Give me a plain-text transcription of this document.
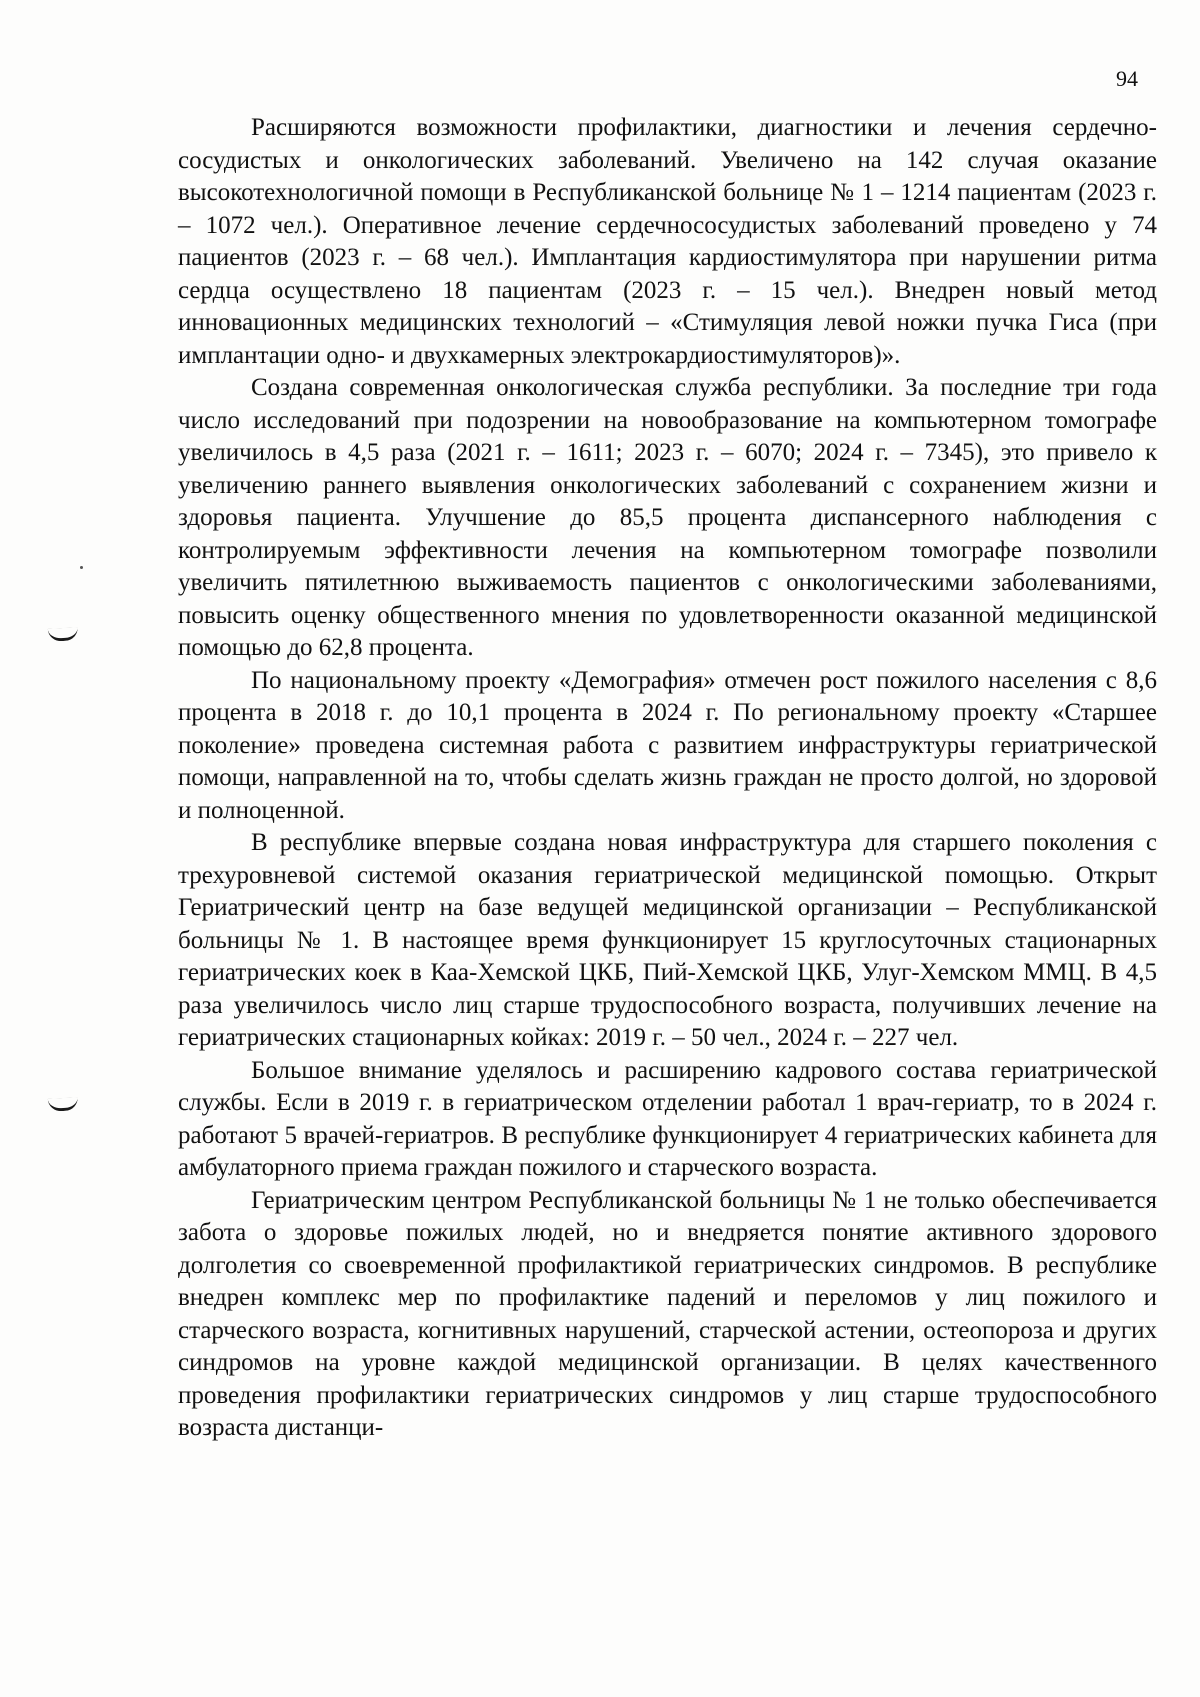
94

Расширяются возможности профилактики, диагностики и лечения сердечно-сосудистых и онкологических заболеваний. Увеличено на 142 случая оказание высокотехнологичной помощи в Республиканской больнице № 1 – 1214 пациентам (2023 г. – 1072 чел.). Оперативное лечение сердечнососудистых заболеваний проведено у 74 пациентов (2023 г. – 68 чел.). Имплантация кардиостимулятора при нарушении ритма сердца осуществлено 18 пациентам (2023 г. – 15 чел.). Внедрен новый метод инновационных медицинских технологий – «Стимуляция левой ножки пучка Гиса (при имплантации одно- и двухкамерных электрокардиостимуляторов)».

Создана современная онкологическая служба республики. За последние три года число исследований при подозрении на новообразование на компьютерном томографе увеличилось в 4,5 раза (2021 г. – 1611; 2023 г. – 6070; 2024 г. – 7345), это привело к увеличению раннего выявления онкологических заболеваний с сохранением жизни и здоровья пациента. Улучшение до 85,5 процента диспансерного наблюдения с контролируемым эффективности лечения на компьютерном томографе позволили увеличить пятилетнюю выживаемость пациентов с онкологическими заболеваниями, повысить оценку общественного мнения по удовлетворенности оказанной медицинской помощью до 62,8 процента.

По национальному проекту «Демография» отмечен рост пожилого населения с 8,6 процента в 2018 г. до 10,1 процента в 2024 г. По региональному проекту «Старшее поколение» проведена системная работа с развитием инфраструктуры гериатрической помощи, направленной на то, чтобы сделать жизнь граждан не просто долгой, но здоровой и полноценной.

В республике впервые создана новая инфраструктура для старшего поколения с трехуровневой системой оказания гериатрической медицинской помощью. Открыт Гериатрический центр на базе ведущей медицинской организации – Республиканской больницы № 1. В настоящее время функционирует 15 круглосуточных стационарных гериатрических коек в Каа-Хемской ЦКБ, Пий-Хемской ЦКБ, Улуг-Хемском ММЦ. В 4,5 раза увеличилось число лиц старше трудоспособного возраста, получивших лечение на гериатрических стационарных койках: 2019 г. – 50 чел., 2024 г. – 227 чел.

Большое внимание уделялось и расширению кадрового состава гериатрической службы. Если в 2019 г. в гериатрическом отделении работал 1 врач-гериатр, то в 2024 г. работают 5 врачей-гериатров. В республике функционирует 4 гериатрических кабинета для амбулаторного приема граждан пожилого и старческого возраста.

Гериатрическим центром Республиканской больницы № 1 не только обеспечивается забота о здоровье пожилых людей, но и внедряется понятие активного здорового долголетия со своевременной профилактикой гериатрических синдромов. В республике внедрен комплекс мер по профилактике падений и переломов у лиц пожилого и старческого возраста, когнитивных нарушений, старческой астении, остеопороза и других синдромов на уровне каждой медицинской организации. В целях качественного проведения профилактики гериатрических синдромов у лиц старше трудоспособного возраста дистанци-
